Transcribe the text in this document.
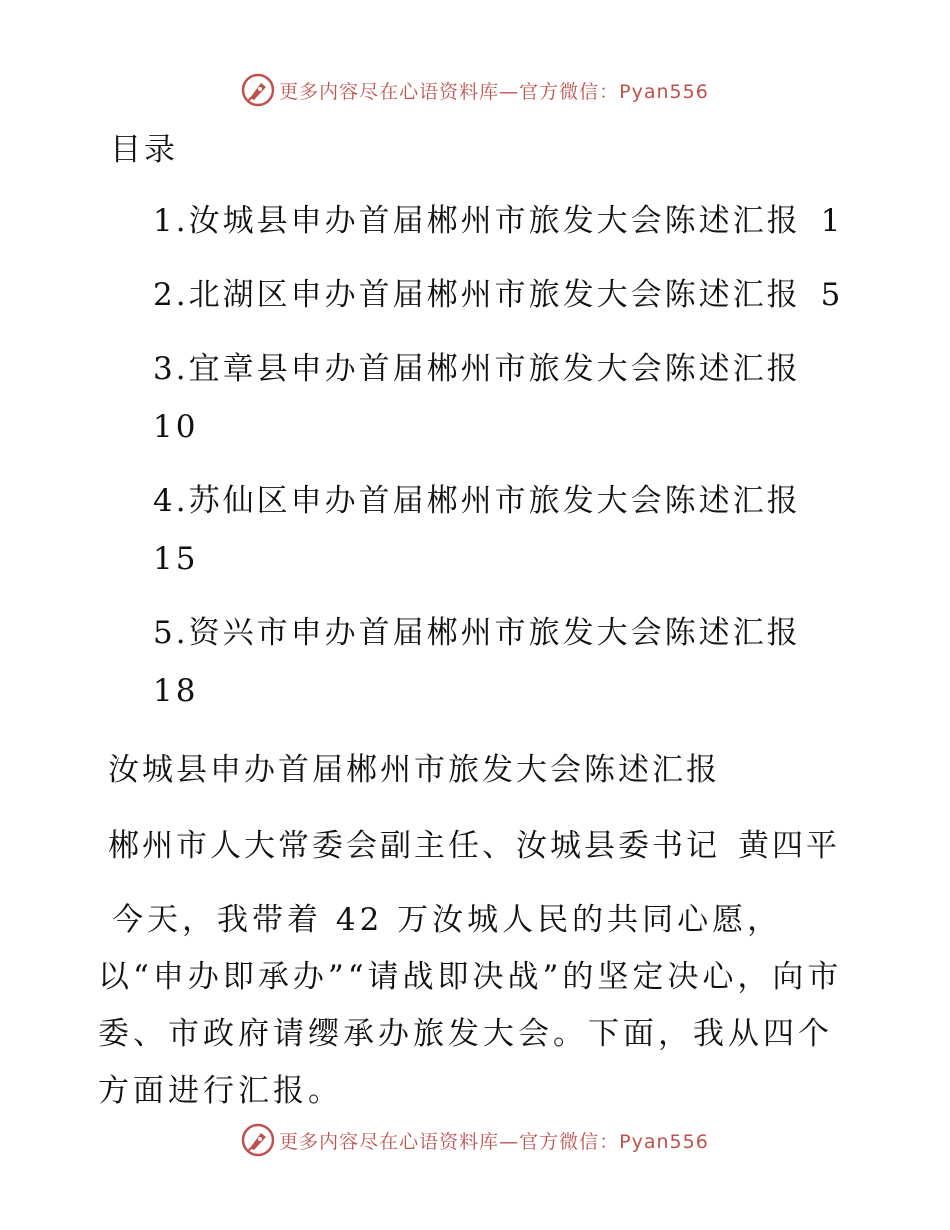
更多内容尽在心语资料库—官方微信：Pyan556
目录
1.汝城县申办首届郴州市旅发大会陈述汇报 1
2.北湖区申办首届郴州市旅发大会陈述汇报 5
3.宜章县申办首届郴州市旅发大会陈述汇报
10
4.苏仙区申办首届郴州市旅发大会陈述汇报
15
5.资兴市申办首届郴州市旅发大会陈述汇报
18
汝城县申办首届郴州市旅发大会陈述汇报

郴州市人大常委会副主任、汝城县委书记 黄四平

今天，我带着 42 万汝城人民的共同心愿，以“申办即承办”“请战即决战”的坚定决心，向市委、市政府请缨承办旅发大会。下面，我从四个方面进行汇报。

更多内容尽在心语资料库—官方微信：Pyan556
